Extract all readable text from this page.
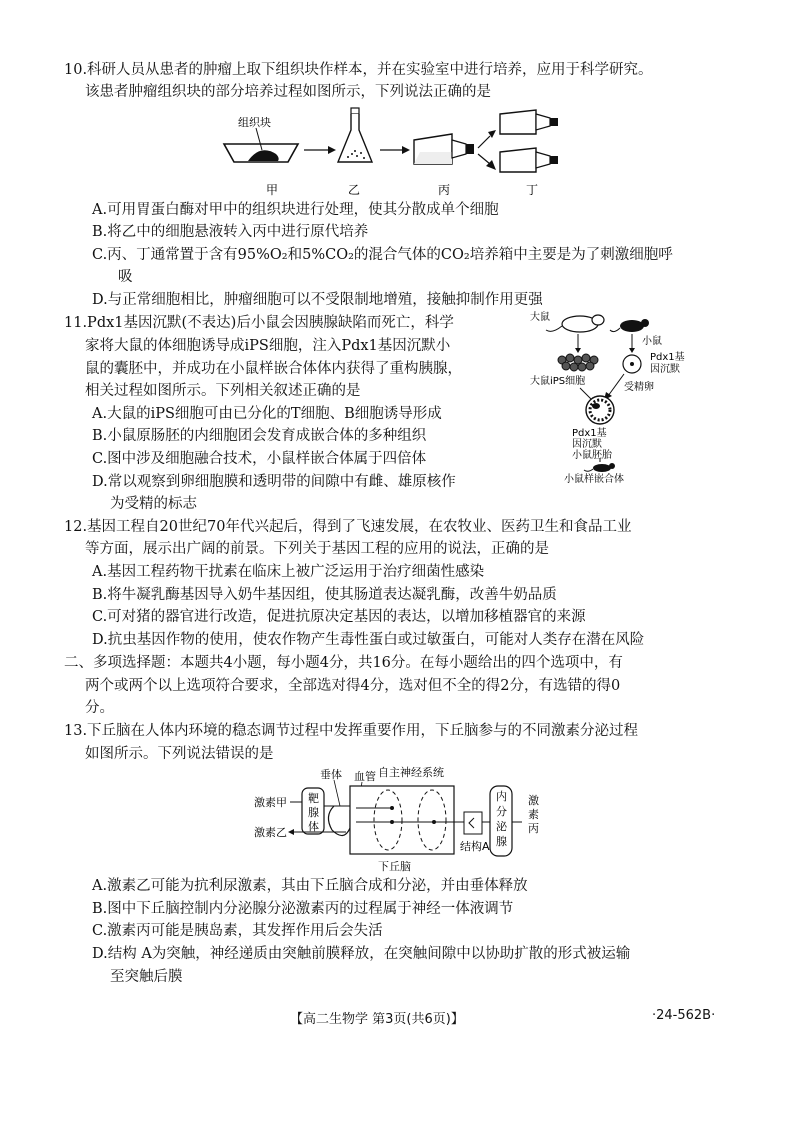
10.科研人员从患者的肿瘤上取下组织块作样本，并在实验室中进行培养，应用于科学研究。
该患者肿瘤组织块的部分培养过程如图所示，下列说法正确的是
组织块
甲	乙	丙	丁
A.可用胃蛋白酶对甲中的组织块进行处理，使其分散成单个细胞
B.将乙中的细胞悬液转入丙中进行原代培养
C.丙、丁通常置于含有95%O₂和5%CO₂的混合气体的CO₂培养箱中主要是为了刺激细胞呼
吸
D.与正常细胞相比，肿瘤细胞可以不受限制地增殖，接触抑制作用更强
11.Pdx1基因沉默(不表达)后小鼠会因胰腺缺陷而死亡，科学
家将大鼠的体细胞诱导成iPS细胞，注入Pdx1基因沉默小
鼠的囊胚中，并成功在小鼠样嵌合体体内获得了重构胰腺，
相关过程如图所示。下列相关叙述正确的是
A.大鼠的iPS细胞可由已分化的T细胞、B细胞诱导形成
B.小鼠原肠胚的内细胞团会发育成嵌合体的多种组织
C.图中涉及细胞融合技术，小鼠样嵌合体属于四倍体
D.常以观察到卵细胞膜和透明带的间隙中有雌、雄原核作
为受精的标志
大鼠
小鼠
大鼠iPS细胞
Pdx1基
因沉默
受精卵
Pdx1基
因沉默
小鼠胚胎
小鼠样嵌合体
12.基因工程自20世纪70年代兴起后，得到了飞速发展，在农牧业、医药卫生和食品工业
等方面，展示出广阔的前景。下列关于基因工程的应用的说法，正确的是
A.基因工程药物干扰素在临床上被广泛运用于治疗细菌性感染
B.将牛凝乳酶基因导入奶牛基因组，使其肠道表达凝乳酶，改善牛奶品质
C.可对猪的器官进行改造，促进抗原决定基因的表达，以增加移植器官的来源
D.抗虫基因作物的使用，使农作物产生毒性蛋白或过敏蛋白，可能对人类存在潜在风险
二、多项选择题：本题共4小题，每小题4分，共16分。在每小题给出的四个选项中，有
两个或两个以上选项符合要求，全部选对得4分，选对但不全的得2分，有选错的得0
分。
13.下丘脑在人体内环境的稳态调节过程中发挥重要作用，下丘脑参与的不同激素分泌过程
如图所示。下列说法错误的是
自主神经系统
垂体 血管
靶
腺
体
激素甲
激素乙
下丘脑
结构A
内
分
泌
腺
激
素
丙
A.激素乙可能为抗利尿激素，其由下丘脑合成和分泌，并由垂体释放
B.图中下丘脑控制内分泌腺分泌激素丙的过程属于神经一体液调节
C.激素丙可能是胰岛素，其发挥作用后会失活
D.结构 A为突触，神经递质由突触前膜释放，在突触间隙中以协助扩散的形式被运输
至突触后膜
【高二生物学 第3页(共6页)】	·24-562B·
